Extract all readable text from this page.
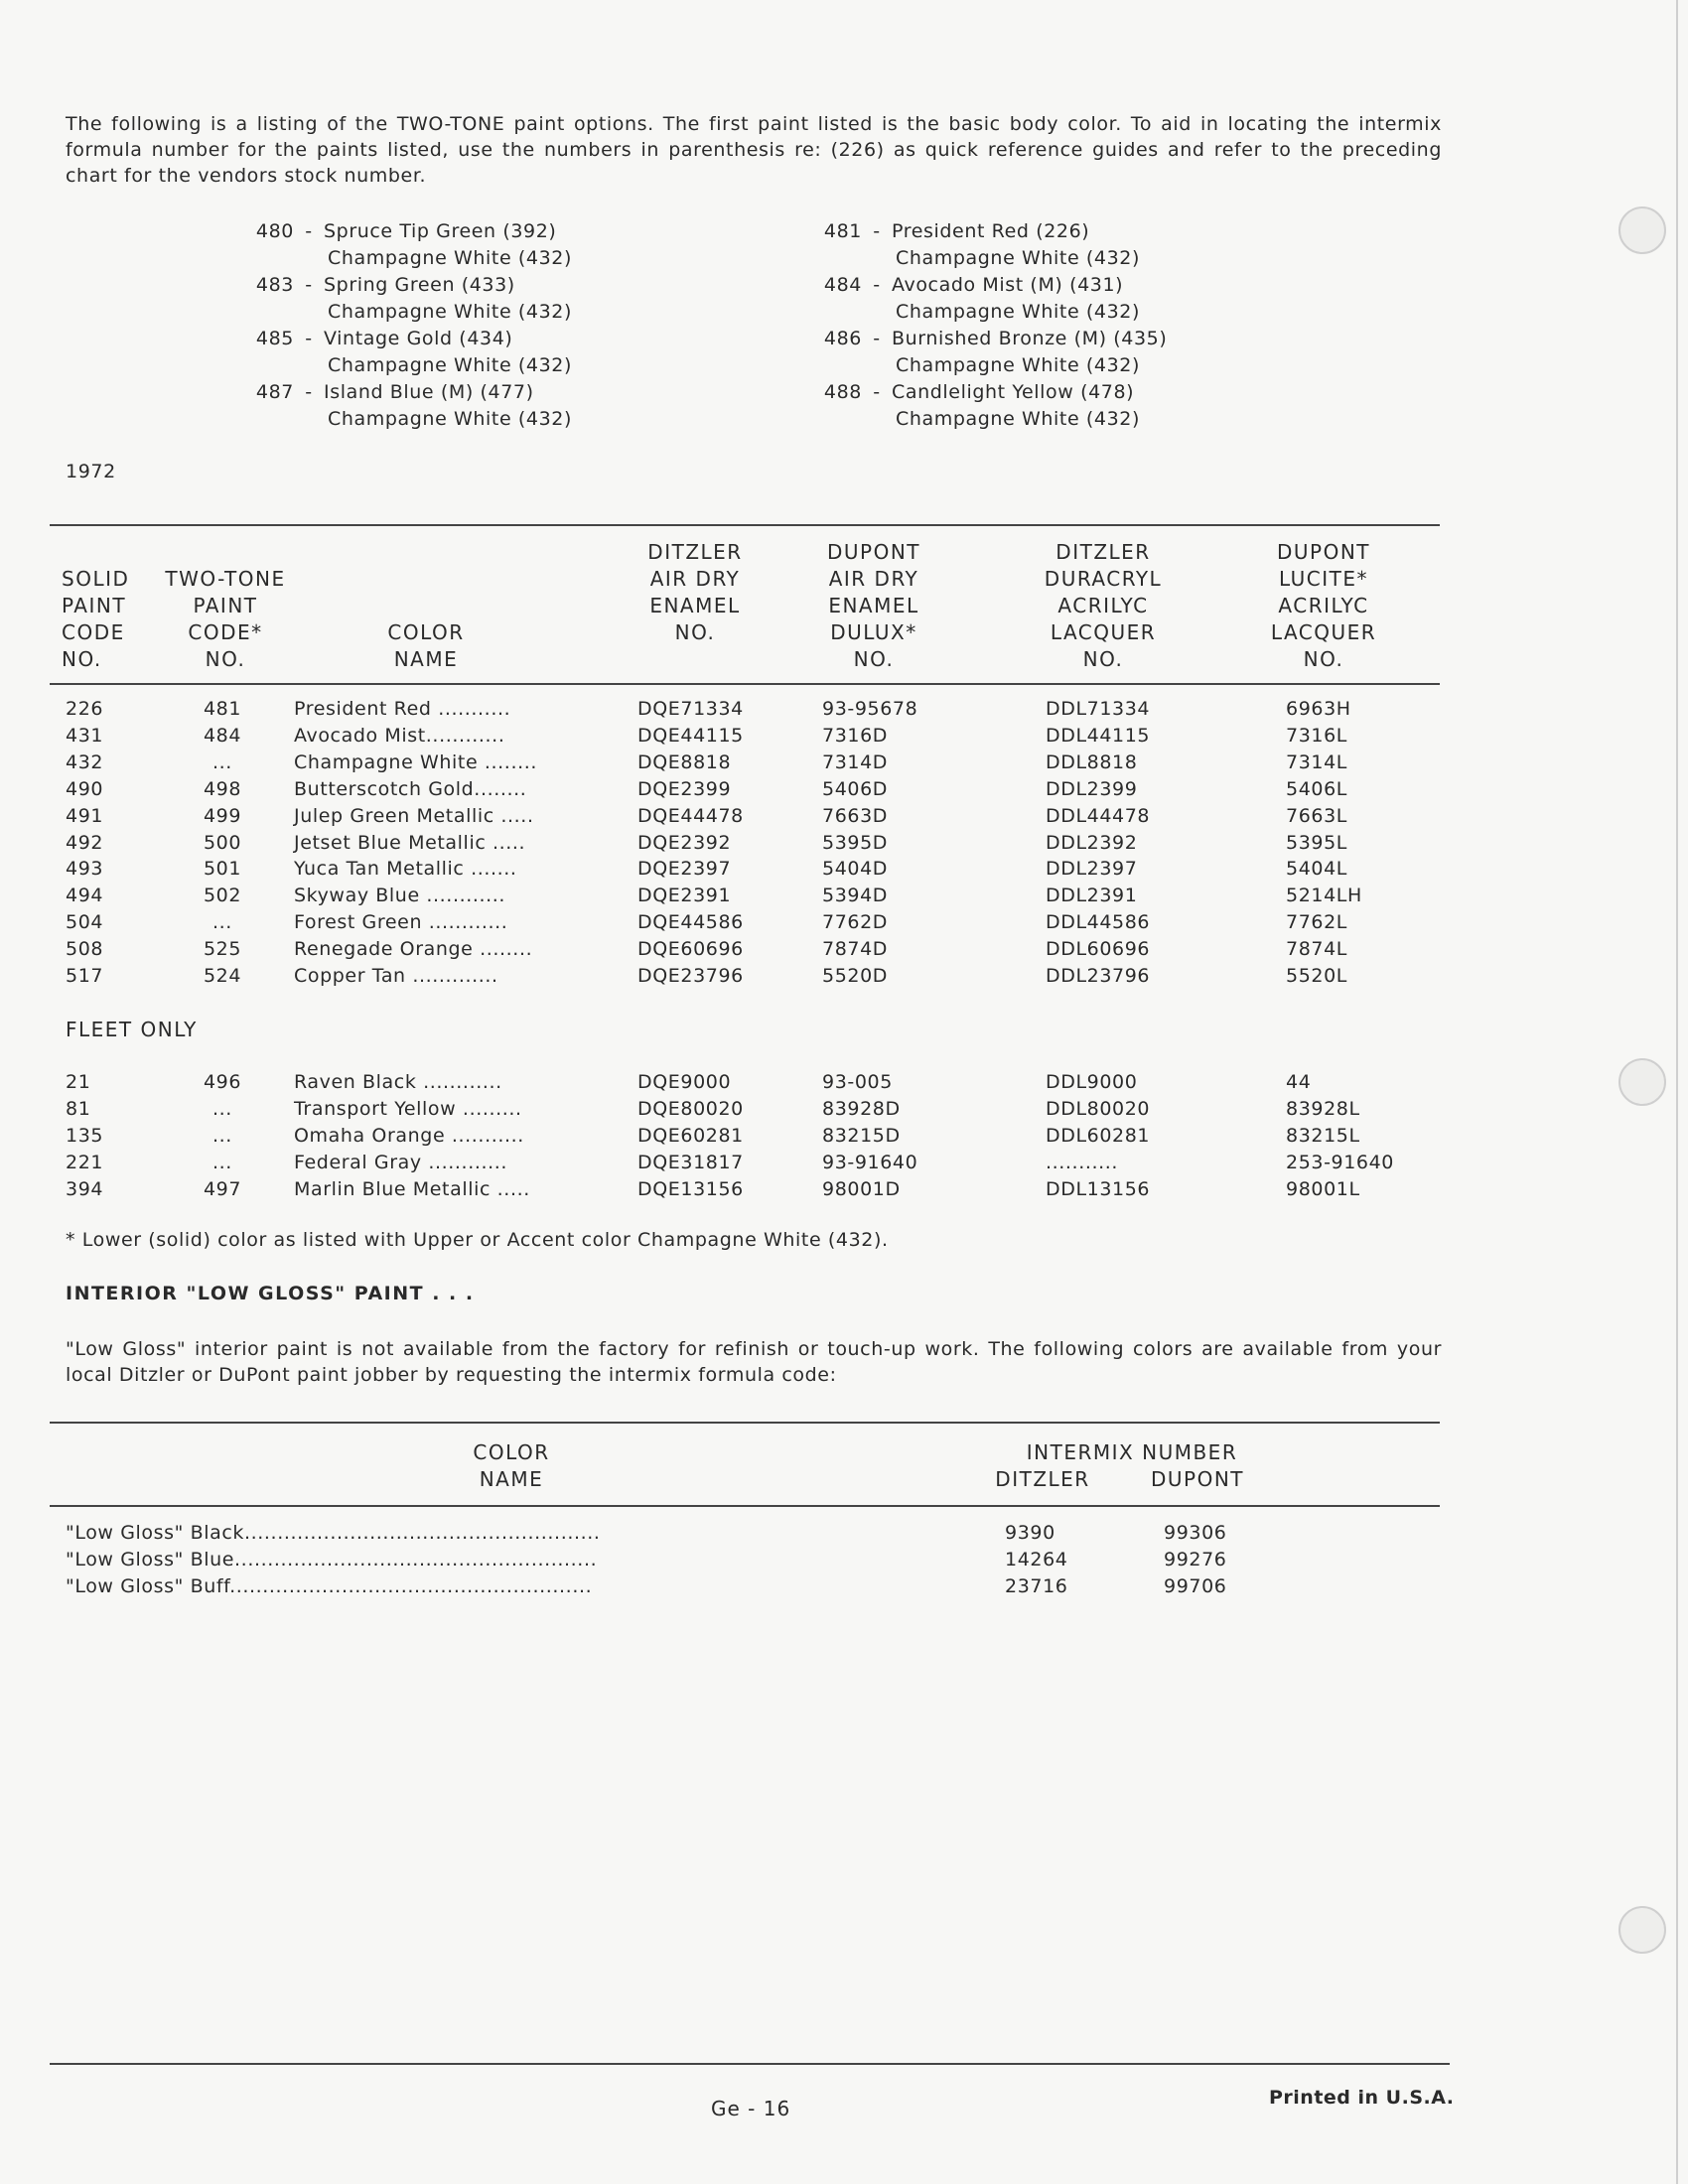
The following is a listing of the TWO-TONE paint options. The first paint listed is the basic body color. To aid in locating the intermix formula number for the paints listed, use the numbers in parenthesis re: (226) as quick reference guides and refer to the preceding chart for the vendors stock number.

480 - Spruce Tip Green (392)
Champagne White (432)
483 - Spring Green (433)
Champagne White (432)
485 - Vintage Gold (434)
Champagne White (432)
487 - Island Blue (M) (477)
Champagne White (432)
481 - President Red (226)
Champagne White (432)
484 - Avocado Mist (M) (431)
Champagne White (432)
486 - Burnished Bronze (M) (435)
Champagne White (432)
488 - Candlelight Yellow (478)
Champagne White (432)
1972
SOLID
PAINT
CODE
NO.
TWO-TONE
PAINT
CODE*
NO.
COLOR
NAME
DITZLER
AIR DRY
ENAMEL
NO.
DUPONT
AIR DRY
ENAMEL
DULUX*
NO.
DITZLER
DURACRYL
ACRILYC
LACQUER
NO.
DUPONT
LUCITE*
ACRILYC
LACQUER
NO.
226	481	President Red ...........	DQE71334	93-95678	DDL71334	6963H
431	484	Avocado Mist............	DQE44115	7316D	DDL44115	7316L
432	...	Champagne White ........	DQE8818	7314D	DDL8818	7314L
490	498	Butterscotch Gold........	DQE2399	5406D	DDL2399	5406L
491	499	Julep Green Metallic .....	DQE44478	7663D	DDL44478	7663L
492	500	Jetset Blue Metallic .....	DQE2392	5395D	DDL2392	5395L
493	501	Yuca Tan Metallic .......	DQE2397	5404D	DDL2397	5404L
494	502	Skyway Blue ............	DQE2391	5394D	DDL2391	5214LH
504	...	Forest Green ............	DQE44586	7762D	DDL44586	7762L
508	525	Renegade Orange ........	DQE60696	7874D	DDL60696	7874L
517	524	Copper Tan .............	DQE23796	5520D	DDL23796	5520L
FLEET ONLY
21	496	Raven Black ............	DQE9000	93-005	DDL9000	44
81	...	Transport Yellow .........	DQE80020	83928D	DDL80020	83928L
135	...	Omaha Orange ...........	DQE60281	83215D	DDL60281	83215L
221	...	Federal Gray ............	DQE31817	93-91640	...........	253-91640
394	497	Marlin Blue Metallic .....	DQE13156	98001D	DDL13156	98001L
* Lower (solid) color as listed with Upper or Accent color Champagne White (432).
INTERIOR "LOW GLOSS" PAINT . . .
"Low Gloss" interior paint is not available from the factory for refinish or touch-up work. The following colors are available from your local Ditzler or DuPont paint jobber by requesting the intermix formula code:
COLOR
NAME
INTERMIX NUMBER
DITZLER	DUPONT
"Low Gloss" Black......................................................	9390	99306
"Low Gloss" Blue.......................................................	14264	99276
"Low Gloss" Buff.......................................................	23716	99706
Printed in U.S.A.
Ge - 16
